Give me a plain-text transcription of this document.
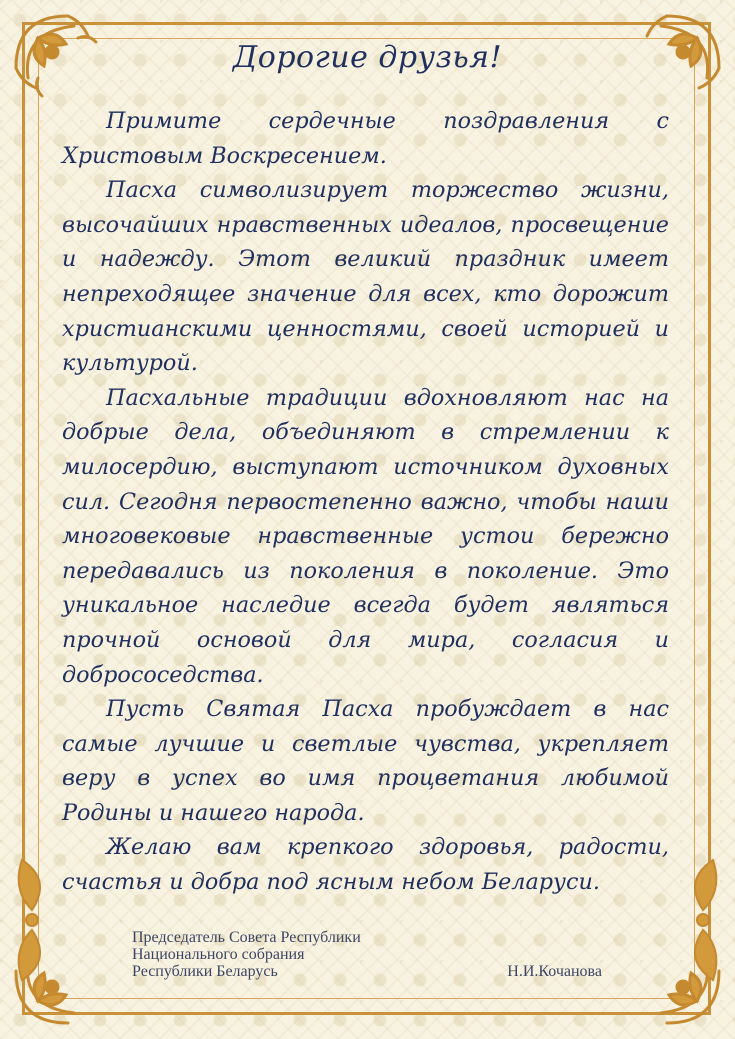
Дорогие друзья!

Примите сердечные поздравления с Христовым Воскресением.

Пасха символизирует торжество жизни, высочайших нравственных идеалов, просвещение и надежду. Этот великий праздник имеет непреходящее значение для всех, кто дорожит христианскими ценностями, своей историей и культурой.

Пасхальные традиции вдохновляют нас на добрые дела, объединяют в стремлении к милосердию, выступают источником духовных сил. Сегодня первостепенно важно, чтобы наши многовековые нравственные устои бережно передавались из поколения в поколение. Это уникальное наследие всегда будет являться прочной основой для мира, согласия и добрососедства.

Пусть Святая Пасха пробуждает в нас самые лучшие и светлые чувства, укрепляет веру в успех во имя процветания любимой Родины и нашего народа.

Желаю вам крепкого здоровья, радости, счастья и добра под ясным небом Беларуси.

Председатель Совета Республики
Национального собрания
Республики Беларусь	Н.И.Кочанова
